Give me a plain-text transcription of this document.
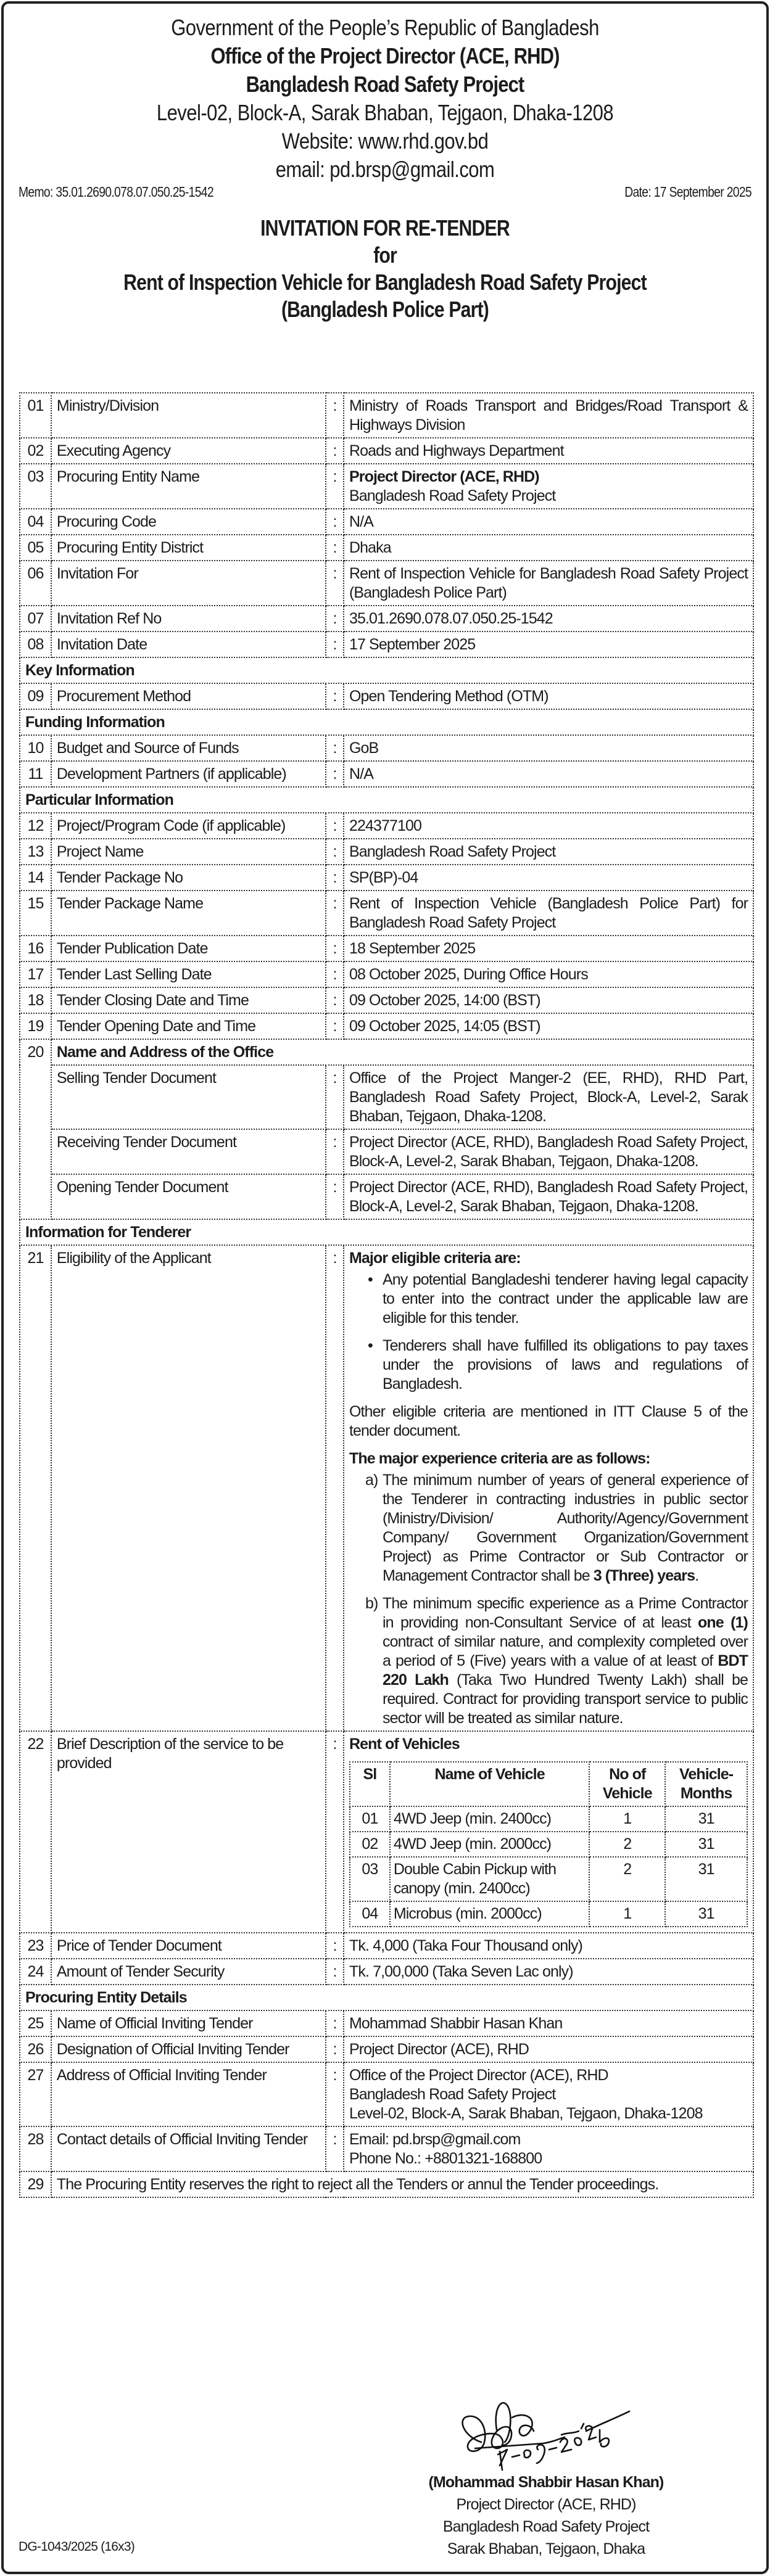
Government of the People’s Republic of Bangladesh
Office of the Project Director (ACE, RHD)
Bangladesh Road Safety Project
Level-02, Block-A, Sarak Bhaban, Tejgaon, Dhaka-1208
Website: www.rhd.gov.bd
email: pd.brsp@gmail.com
Memo: 35.01.2690.078.07.050.25-1542	Date: 17 September 2025
INVITATION FOR RE-TENDER
for
Rent of Inspection Vehicle for Bangladesh Road Safety Project
(Bangladesh Police Part)
01	Ministry/Division	:	Ministry of Roads Transport and Bridges/Road Transport & Highways Division
02	Executing Agency	:	Roads and Highways Department
03	Procuring Entity Name	:	Project Director (ACE, RHD)

Bangladesh Road Safety Project

04	Procuring Code	:	N/A
05	Procuring Entity District	:	Dhaka
06	Invitation For	:	Rent of Inspection Vehicle for Bangladesh Road Safety Project (Bangladesh Police Part)
07	Invitation Ref No	:	35.01.2690.078.07.050.25-1542
08	Invitation Date	:	17 September 2025
Key Information
09	Procurement Method	:	Open Tendering Method (OTM)
Funding Information
10	Budget and Source of Funds	:	GoB
11	Development Partners (if applicable)	:	N/A
Particular Information
12	Project/Program Code (if applicable)	:	224377100
13	Project Name	:	Bangladesh Road Safety Project
14	Tender Package No	:	SP(BP)-04
15	Tender Package Name	:	Rent of Inspection Vehicle (Bangladesh Police Part) for Bangladesh Road Safety Project
16	Tender Publication Date	:	18 September 2025
17	Tender Last Selling Date	:	08 October 2025, During Office Hours
18	Tender Closing Date and Time	:	09 October 2025, 14:00 (BST)
19	Tender Opening Date and Time	:	09 October 2025, 14:05 (BST)
20	Name and Address of the Office
Selling Tender Document	:	Office of the Project Manger-2 (EE, RHD), RHD Part, Bangladesh Road Safety Project, Block-A, Level-2, Sarak Bhaban, Tejgaon, Dhaka-1208.
Receiving Tender Document	:	Project Director (ACE, RHD), Bangladesh Road Safety Project, Block-A, Level-2, Sarak Bhaban, Tejgaon, Dhaka-1208.
Opening Tender Document	:	Project Director (ACE, RHD), Bangladesh Road Safety Project, Block-A, Level-2, Sarak Bhaban, Tejgaon, Dhaka-1208.
Information for Tenderer
21	Eligibility of the Applicant	:	Major eligible criteria are:

• Any potential Bangladeshi tenderer having legal capacity to enter into the contract under the applicable law are eligible for this tender.
• Tenderers shall have fulfilled its obligations to pay taxes under the provisions of laws and regulations of Bangladesh.

Other eligible criteria are mentioned in ITT Clause 5 of the tender document.

The major experience criteria are as follows:

a) The minimum number of years of general experience of the Tenderer in contracting industries in public sector (Ministry/Division/ Authority/Agency/Government Company/ Government Organization/Government Project) as Prime Contractor or Sub Contractor or Management Contractor shall be 3 (Three) years.
b) The minimum specific experience as a Prime Contractor in providing non-Consultant Service of at least one (1) contract of similar nature, and complexity completed over a period of 5 (Five) years with a value of at least of BDT 220 Lakh (Taka Two Hundred Twenty Lakh) shall be required. Contract for providing transport service to public sector will be treated as similar nature.

22	Brief Description of the service to be provided	:	Rent of Vehicles

Sl	Name of Vehicle	No of Vehicle	Vehicle-Months
01	4WD Jeep (min. 2400cc)	1	31
02	4WD Jeep (min. 2000cc)	2	31
03	Double Cabin Pickup with canopy (min. 2400cc)	2	31
04	Microbus (min. 2000cc)	1	31

23	Price of Tender Document	:	Tk. 4,000 (Taka Four Thousand only)
24	Amount of Tender Security	:	Tk. 7,00,000 (Taka Seven Lac only)
Procuring Entity Details
25	Name of Official Inviting Tender	:	Mohammad Shabbir Hasan Khan
26	Designation of Official Inviting Tender	:	Project Director (ACE), RHD
27	Address of Official Inviting Tender	:	Office of the Project Director (ACE), RHD

Bangladesh Road Safety Project

Level-02, Block-A, Sarak Bhaban, Tejgaon, Dhaka-1208

28	Contact details of Official Inviting Tender	:	Email: pd.brsp@gmail.com

Phone No.: +8801321-168800

29	The Procuring Entity reserves the right to reject all the Tenders or annul the Tender proceedings.
(Mohammad Shabbir Hasan Khan)
Project Director (ACE, RHD)
Bangladesh Road Safety Project
Sarak Bhaban, Tejgaon, Dhaka
DG-1043/2025 (16x3)
